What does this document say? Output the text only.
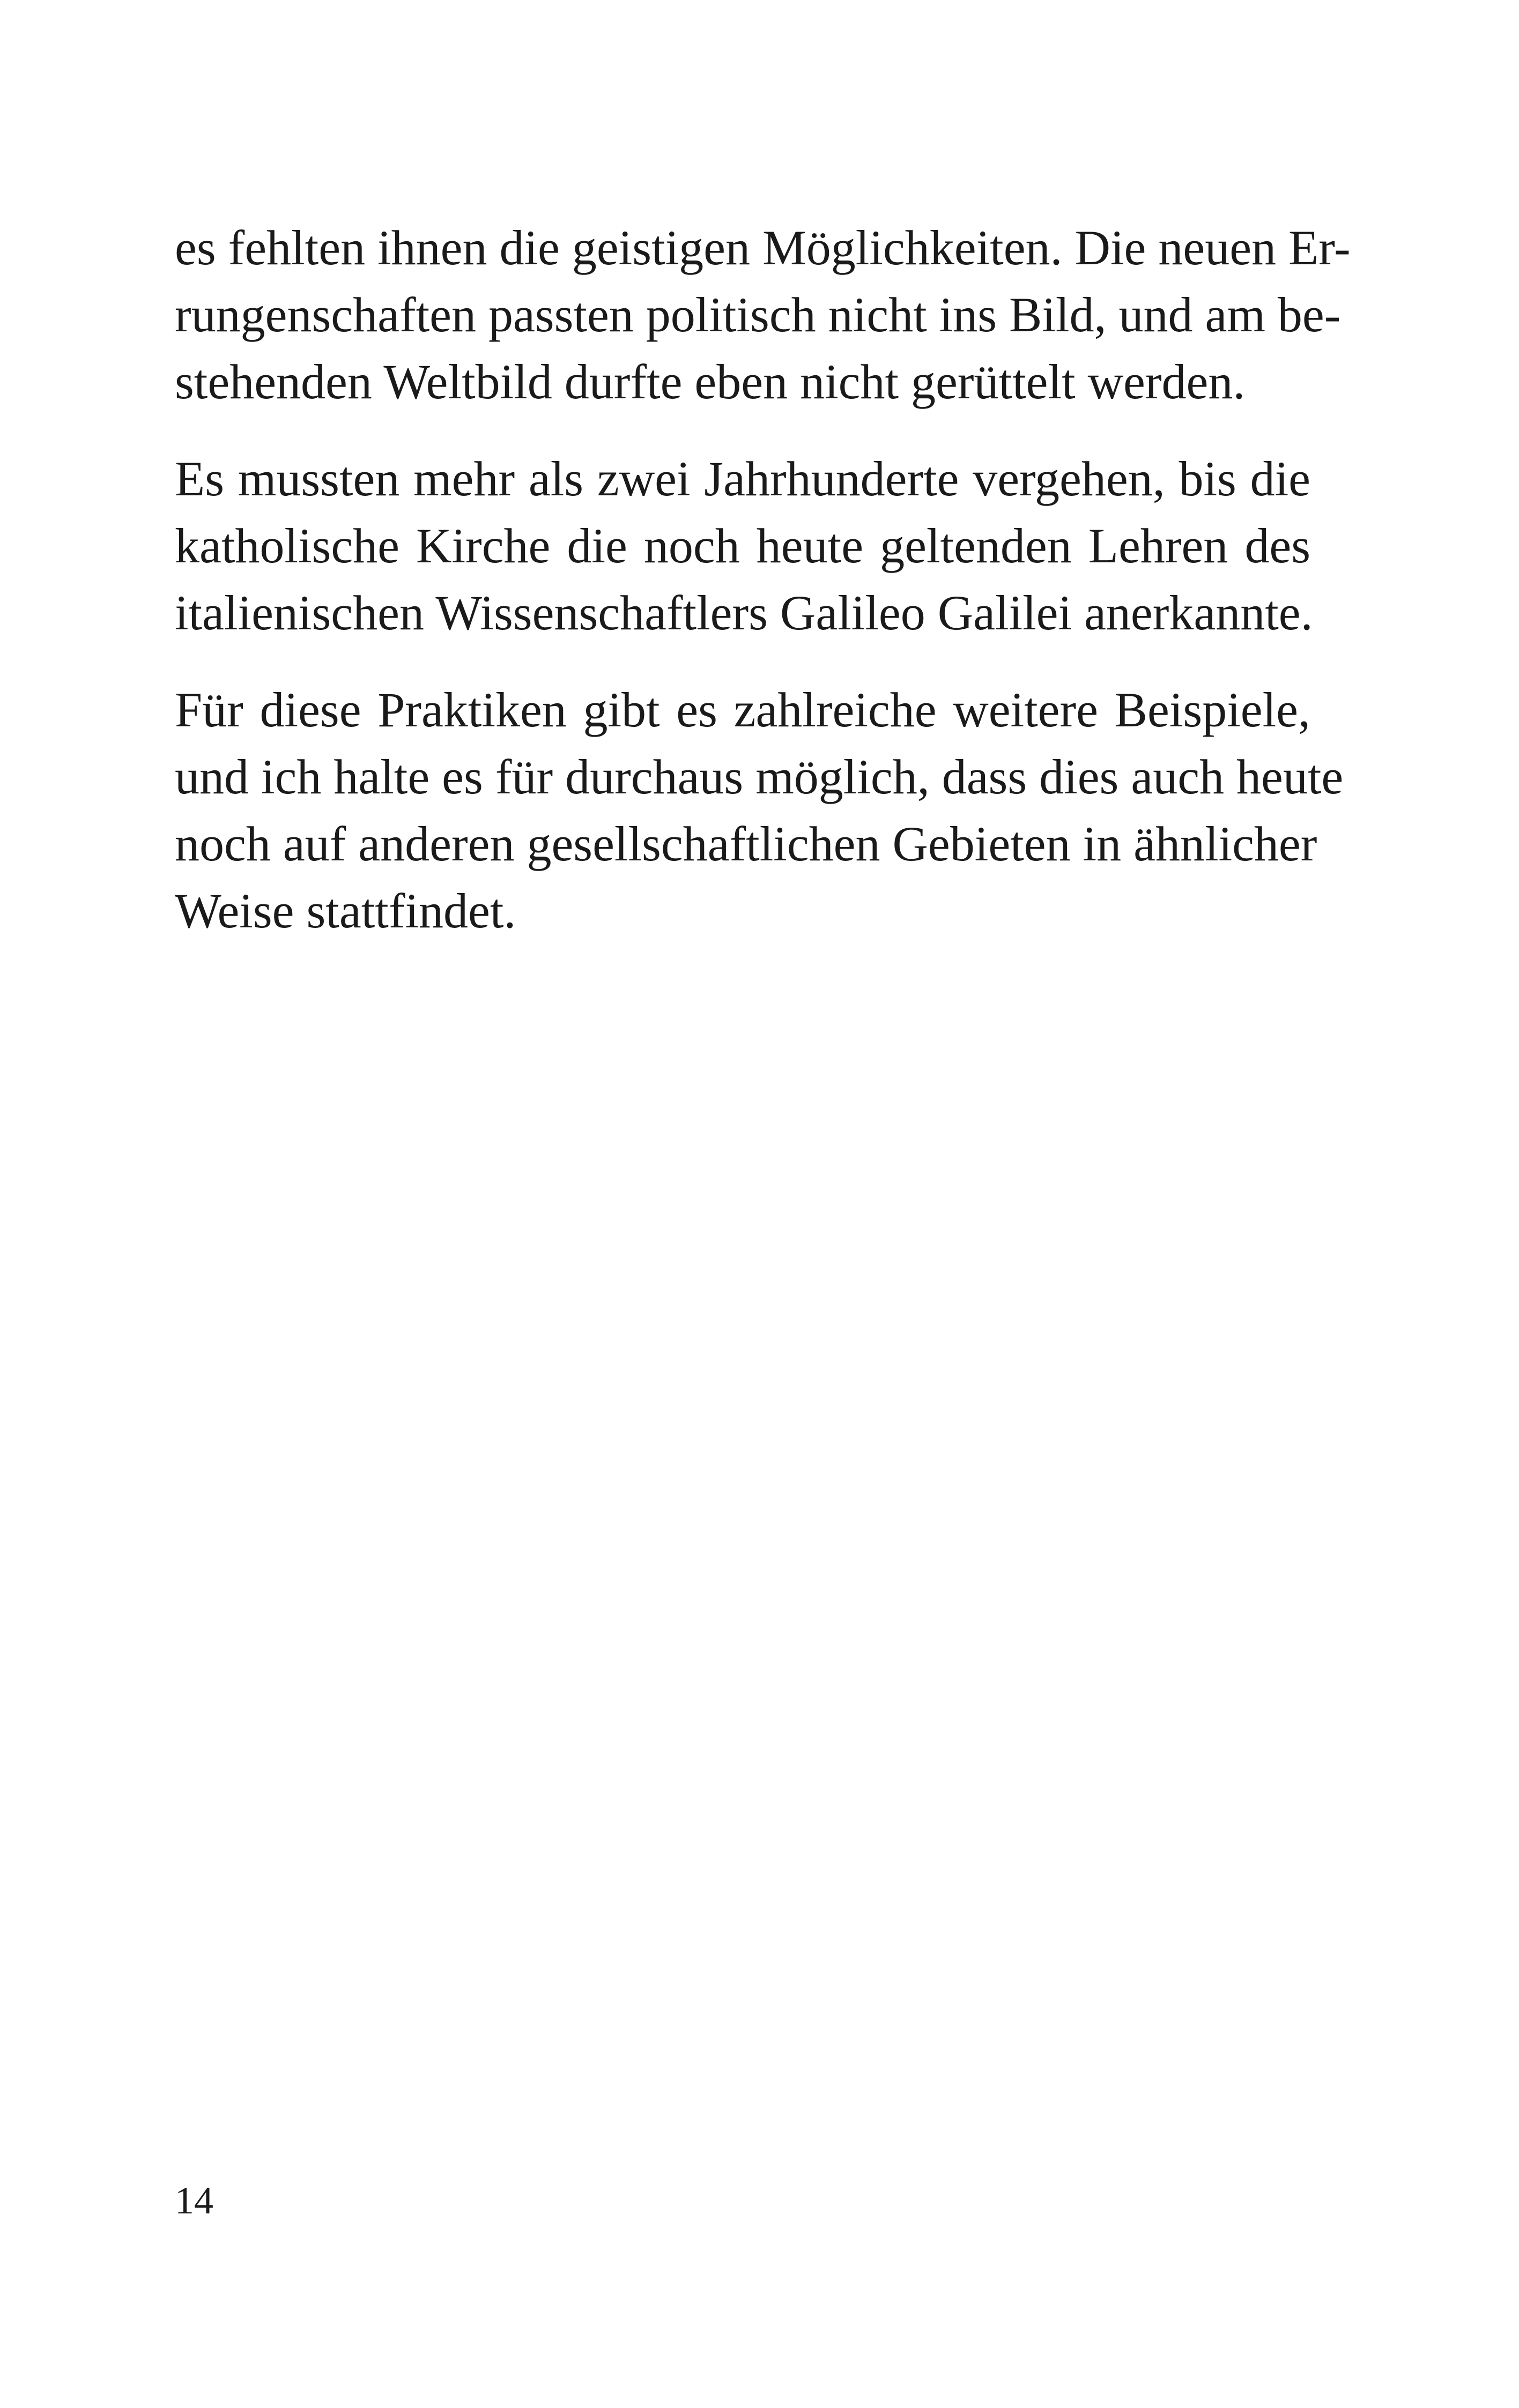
es fehlten ihnen die geistigen Möglichkeiten. Die neuen Er-
rungenschaften passten politisch nicht ins Bild, und am be-
stehenden Weltbild durfte eben nicht gerüttelt werden.

Es mussten mehr als zwei Jahrhunderte vergehen, bis die
katholische Kirche die noch heute geltenden Lehren des
italienischen Wissenschaftlers Galileo Galilei anerkannte.

Für diese Praktiken gibt es zahlreiche weitere Beispiele,
und ich halte es für durchaus möglich, dass dies auch heute
noch auf anderen gesellschaftlichen Gebieten in ähnlicher
Weise stattfindet.

14
